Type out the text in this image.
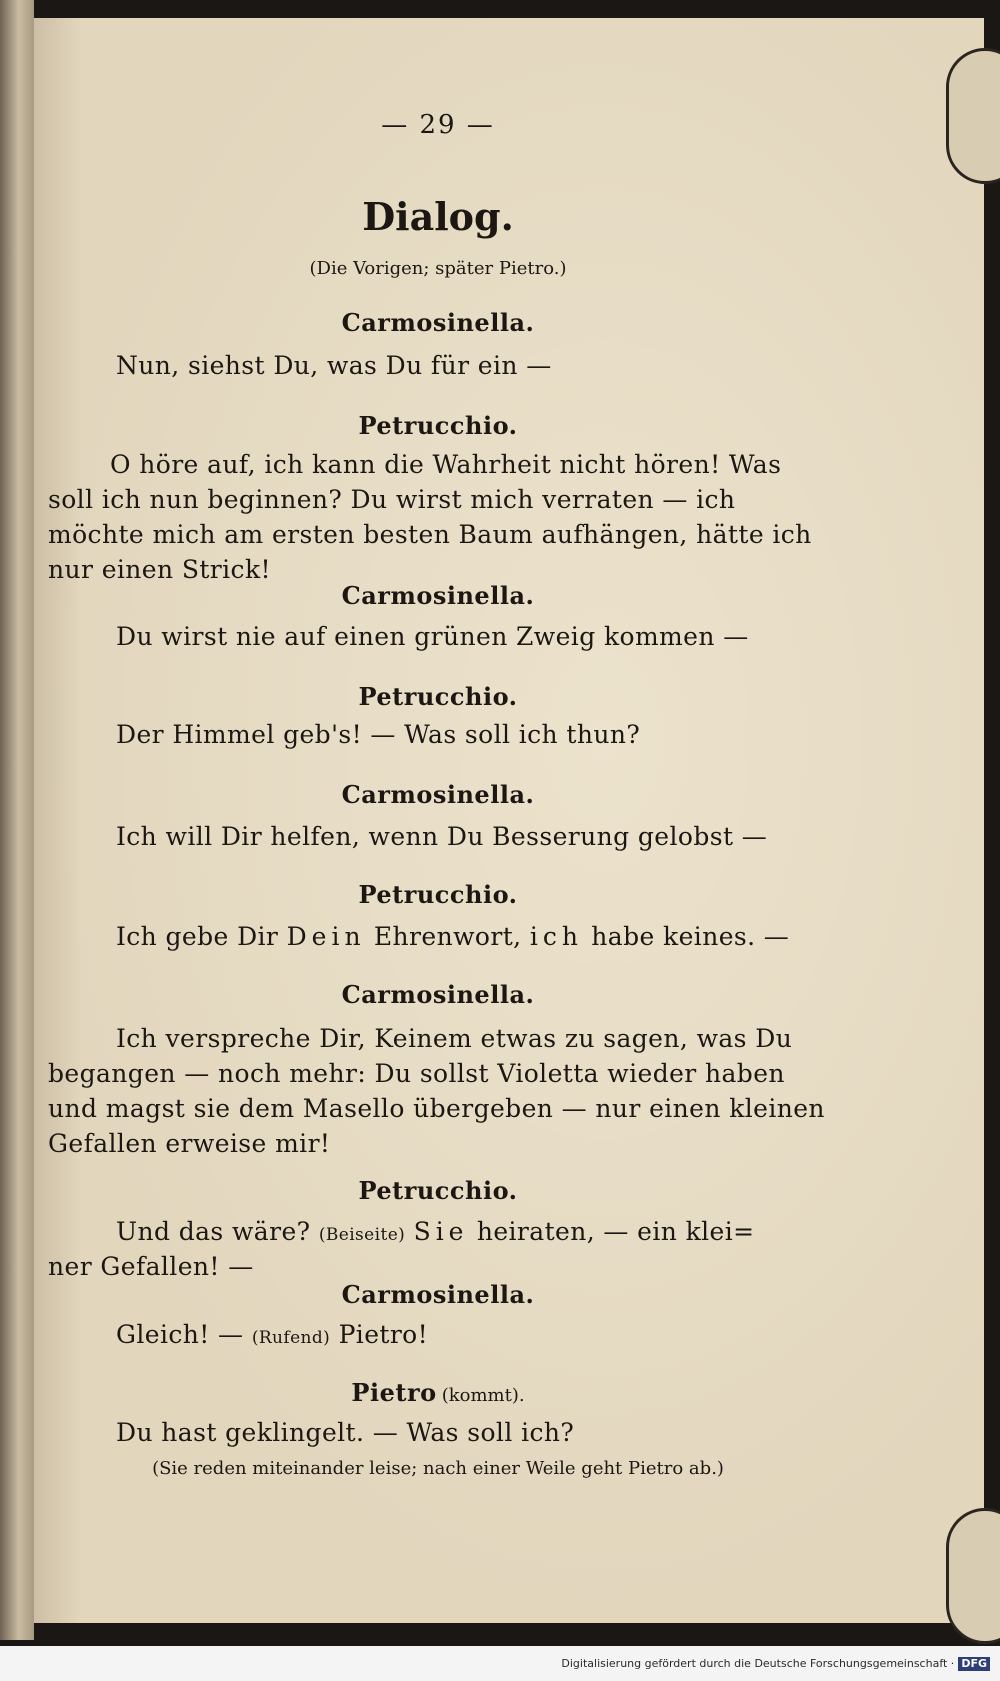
— 29 —
Dialog.
(Die Vorigen; später Pietro.)
Carmosinella.
Nun, siehst Du, was Du für ein —
Petrucchio.
O höre auf, ich kann die Wahrheit nicht hören! Was
soll ich nun beginnen? Du wirst mich verraten — ich
möchte mich am ersten besten Baum aufhängen, hätte ich
nur einen Strick!
Carmosinella.
Du wirst nie auf einen grünen Zweig kommen —
Petrucchio.
Der Himmel geb's! — Was soll ich thun?
Carmosinella.
Ich will Dir helfen, wenn Du Besserung gelobst —
Petrucchio.
Ich gebe Dir Dein Ehrenwort, ich habe keines. —
Carmosinella.
Ich verspreche Dir, Keinem etwas zu sagen, was Du
begangen — noch mehr: Du sollst Violetta wieder haben
und magst sie dem Masello übergeben — nur einen kleinen
Gefallen erweise mir!
Petrucchio.
Und das wäre? (Beiseite) Sie heiraten, — ein klei=
ner Gefallen! —
Carmosinella.
Gleich! — (Rufend) Pietro!
Pietro (kommt).
Du hast geklingelt. — Was soll ich?
(Sie reden miteinander leise; nach einer Weile geht Pietro ab.)
Digitalisierung gefördert durch die Deutsche Forschungsgemeinschaft · DFG
